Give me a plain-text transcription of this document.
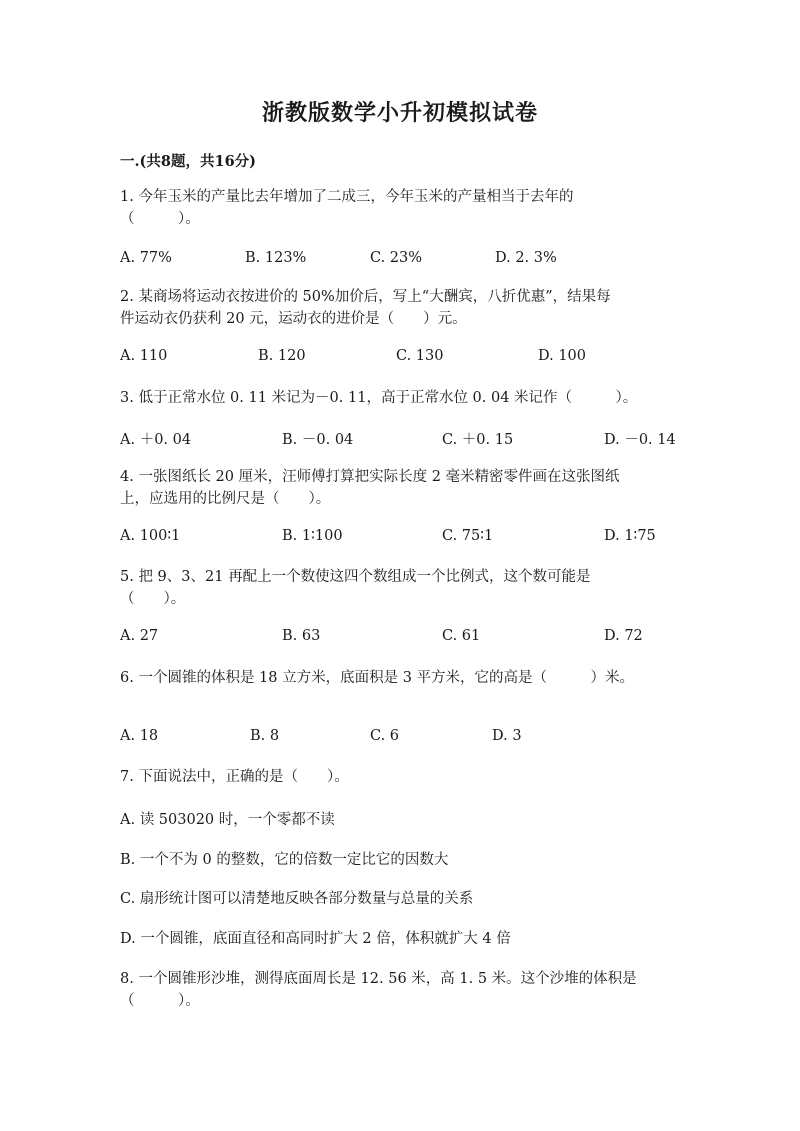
浙教版数学小升初模拟试卷
一.(共8题，共16分)

1. 今年玉米的产量比去年增加了二成三，今年玉米的产量相当于去年的

（　　　）。

A. 77%	B. 123%	C. 23%	D. 2. 3%

2. 某商场将运动衣按进价的 50%加价后，写上“大酬宾，八折优惠”，结果每

件运动衣仍获利 20 元，运动衣的进价是（　　）元。

A. 110	B. 120	C. 130	D. 100

3. 低于正常水位 0. 11 米记为－0. 11，高于正常水位 0. 04 米记作（　　　）。

A. ＋0. 04	B. －0. 04	C. ＋0. 15	D. －0. 14

4. 一张图纸长 20 厘米，汪师傅打算把实际长度 2 毫米精密零件画在这张图纸

上，应选用的比例尺是（　　）。

A. 100∶1	B. 1∶100	C. 75∶1	D. 1∶75

5. 把 9、3、21 再配上一个数使这四个数组成一个比例式，这个数可能是

（　　）。

A. 27	B. 63	C. 61	D. 72

6. 一个圆锥的体积是 18 立方米，底面积是 3 平方米，它的高是（　　　）米。

A. 18	B. 8	C. 6	D. 3

7. 下面说法中，正确的是（　　）。

A. 读 503020 时，一个零都不读
B. 一个不为 0 的整数，它的倍数一定比它的因数大
C. 扇形统计图可以清楚地反映各部分数量与总量的关系
D. 一个圆锥，底面直径和高同时扩大 2 倍，体积就扩大 4 倍

8. 一个圆锥形沙堆，测得底面周长是 12. 56 米，高 1. 5 米。这个沙堆的体积是

（　　　）。
